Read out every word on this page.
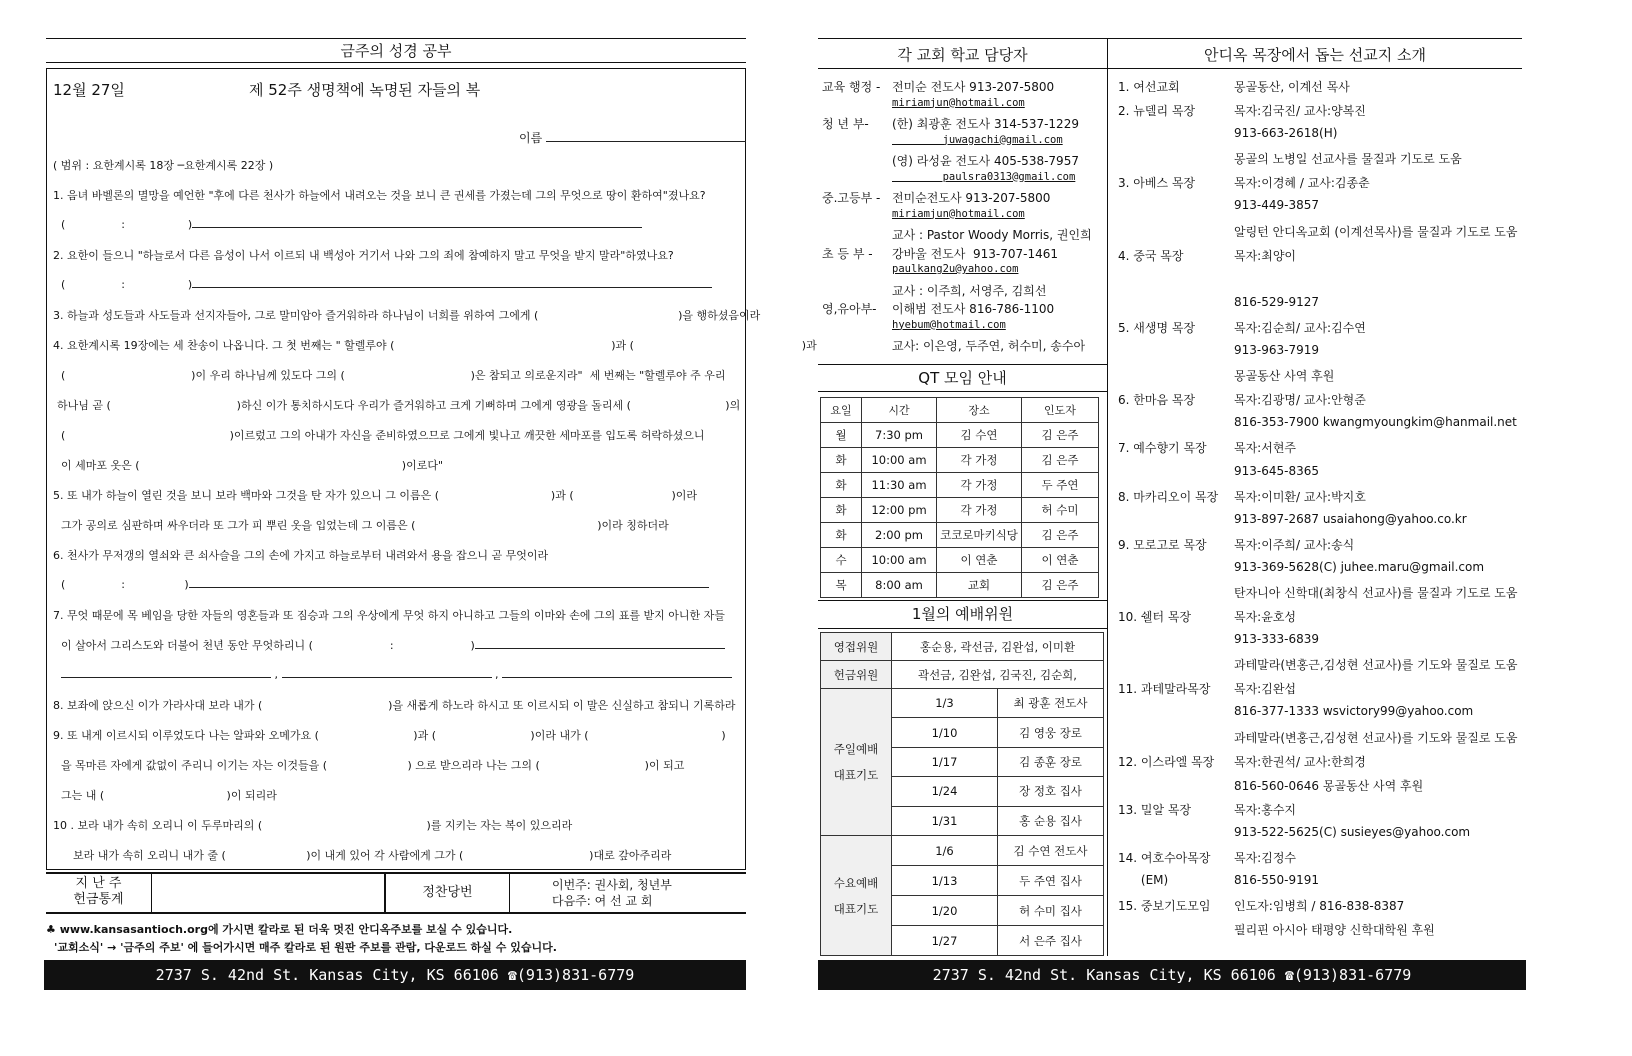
금주의 성경 공부
12월 27일	제 52주 생명책에 녹명된 자들의 복
이름
( 범위 : 요한계시록 18장 ─요한계시록 22장 )
1. 음녀 바벨론의 멸망을 예언한 "후에 다른 천사가 하늘에서 내려오는 것을 보니 큰 권세를 가졌는데 그의 무엇으로 땅이 환하여"졌나요?
(                :                  )
2. 요한이 들으니 "하늘로서 다른 음성이 나서 이르되 내 백성아 거기서 나와 그의 죄에 참예하지 말고 무엇을 받지 말라"하였나요?
(                :                  )
3. 하늘과 성도들과 사도들과 선지자들아, 그로 말미암아 즐거워하라 하나님이 너희를 위하여 그에게 (                                        )을 행하셨음이라
4. 요한계시록 19장에는 세 찬송이 나옵니다. 그 첫 번째는 " 할렐루야 (                                                              )과 (                                                )과
(                                    )이 우리 하나님께 있도다 그의 (                                    )은 참되고 의로운지라"  세 번째는 "할렐루야 주 우리
하나님 곧 (                                    )하신 이가 통치하시도다 우리가 즐거워하고 크게 기뻐하며 그에게 영광을 돌리세 (                           )의
(                                               )이르렀고 그의 아내가 자신을 준비하였으므로 그에게 빛나고 깨끗한 세마포를 입도록 허락하셨으니
이 세마포 옷은 (                                                                           )이로다"
5. 또 내가 하늘이 열린 것을 보니 보라 백마와 그것을 탄 자가 있으니 그 이름은 (                                )과 (                            )이라
그가 공의로 심판하며 싸우더라 또 그가 피 뿌린 옷을 입었는데 그 이름은 (                                                    )이라 칭하더라
6. 천사가 무저갱의 열쇠와 큰 쇠사슬을 그의 손에 가지고 하늘로부터 내려와서 용을 잡으니 곧 무엇이라
(                :                 )
7. 무엇 때문에 목 베임을 당한 자들의 영혼들과 또 짐승과 그의 우상에게 무엇 하지 아니하고 그들의 이마와 손에 그의 표를 받지 아니한 자들
이 살아서 그리스도와 더불어 천년 동안 무엇하리니 (                      :                      )
,	,
8. 보좌에 앉으신 이가 가라사대 보라 내가 (                                    )을 새롭게 하노라 하시고 또 이르시되 이 말은 신실하고 참되니 기록하라
9. 또 내게 이르시되 이루었도다 나는 알파와 오메가요 (                           )과 (                           )이라 내가 (                                      )
을 목마른 자에게 값없이 주리니 이기는 자는 이것들을 (                       ) 으로 받으리라 나는 그의 (                              )이 되고
그는 내 (                                   )이 되리라
10 . 보라 내가 속히 오리니 이 두루마리의 (                                               )를 지키는 자는 복이 있으리라
보라 내가 속히 오리니 내가 줄 (                       )이 내게 있어 각 사람에게 그가 (                                    )대로 갚아주리라
지 난 주
헌금통계	정찬당번	이번주: 권사회, 청년부
다음주: 여 선 교 회
♣ www.kansasantioch.org에 가시면 칼라로 된 더욱 멋진 안디옥주보를 보실 수 있습니다.
'교회소식' → '금주의 주보' 에 들어가시면 매주 칼라로 된 원판 주보를 관람, 다운로드 하실 수 있습니다.
2737 S. 42nd St. Kansas City, KS 66106 ☎(913)831-6779
각 교회 학교 담당자
교육 행정 - 전미순 전도사 913-207-5800
miriamjun@hotmail.com
청 년 부- (한) 최광훈 전도사 314-537-1229
juwagachi@gmail.com
(영) 라성윤 전도사 405-538-7957
paulsra0313@gmail.com
중.고등부 - 전미순전도사 913-207-5800
miriamjun@hotmail.com
교사 : Pastor Woody Morris, 권인희
초 등 부 - 강바울 전도사  913-707-1461
paulkang2u@yahoo.com
교사 : 이주희, 서영주, 김희선
영,유아부- 이해범 전도사 816-786-1100
hyebum@hotmail.com
교사: 이은영, 두주연, 허수미, 송수아
QT 모임 안내
요일	시간	장소	인도자
월	7:30 pm	김 수연	김 은주
화	10:00 am	각 가정	김 은주
화	11:30 am	각 가정	두 주연
화	12:00 pm	각 가정	허 수미
화	2:00 pm	코코로마키식당	김 은주
수	10:00 am	이 연춘	이 연춘
목	8:00 am	교회	김 은주
1월의 예배위원
영접위원	홍순용, 곽선금, 김완섭, 이미환
헌금위원	곽선금, 김완섭, 김국진, 김순희,
주일예배
대표기도
1/3	최 광훈 전도사
1/10	김 영웅 장로
1/17	김 종훈 장로
1/24	장 정호 집사
1/31	홍 순용 집사
수요예배
대표기도
1/6	김 수연 전도사
1/13	두 주연 집사
1/20	허 수미 집사
1/27	서 은주 집사
안디옥 목장에서 돕는 선교지 소개
1. 여선교회	몽골동산, 이계선 목사
2. 뉴델리 목장	목자:김국진/ 교사:양복진
913-663-2618(H)
몽골의 노병일 선교사를 물질과 기도로 도움
3. 아베스 목장	목자:이경혜 / 교사:김종춘
913-449-3857
알링턴 안디옥교회 (이계선목사)를 물질과 기도로 도움
4. 중국 목장	목자:최양이
816-529-9127
5. 새생명 목장	목자:김순희/ 교사:김수연
913-963-7919
몽골동산 사역 후원
6. 한마음 목장	목자:김광명/ 교사:안형준
816-353-7900 kwangmyoungkim@hanmail.net
7. 예수향기 목장 목자:서현주
913-645-8365
8. 마카리오이 목장 목자:이미환/ 교사:박지호
913-897-2687 usaiahong@yahoo.co.kr
9. 모로고로 목장 목자:이주희/ 교사:송식
913-369-5628(C) juhee.maru@gmail.com
탄자니아 신학대(최창식 선교사)를 물질과 기도로 도움
10. 쉘터 목장	목자:윤호성
913-333-6839
과테말라(변홍근,김성현 선교사)를 기도와 물질로 도움
11. 과테말라목장 목자:김완섭
816-377-1333 wsvictory99@yahoo.com
과테말라(변홍근,김성현 선교사)를 기도와 물질로 도움
12. 이스라엘 목장 목자:한권석/ 교사:한희경
816-560-0646 몽골동산 사역 후원
13. 밀알 목장	목자:홍수지
913-522-5625(C) susieyes@yahoo.com
14. 여호수아목장 목자:김정수
(EM)	816-550-9191
15. 중보기도모임 인도자:임병희 / 816-838-8387
필리핀 아시아 태평양 신학대학원 후원
2737 S. 42nd St. Kansas City, KS 66106 ☎(913)831-6779
